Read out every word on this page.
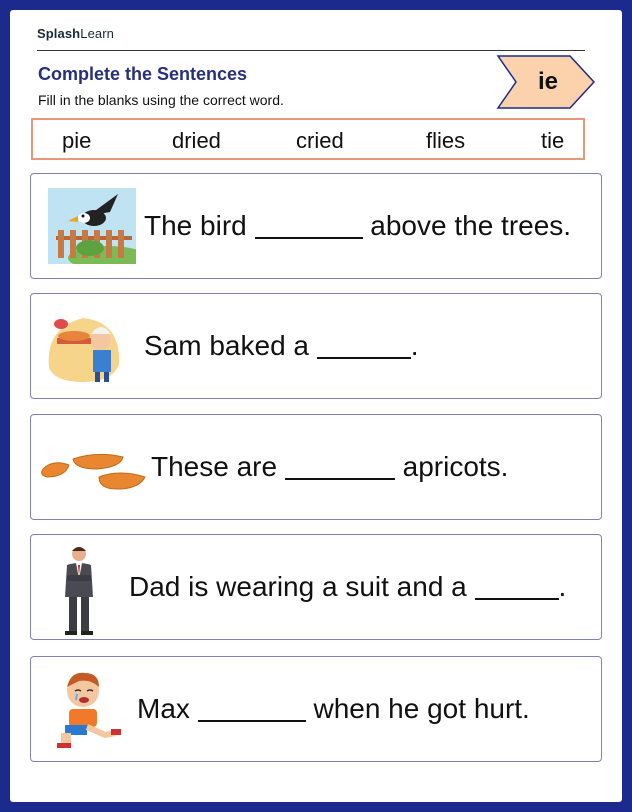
SplashLearn
Complete the Sentences
Fill in the blanks using the correct word.
ie
pie	dried	cried	flies	tie
The bird

	above the trees.
Sam baked a
	.
These are

	apricots.
Dad is wearing a suit and a
	.
Max

	when he got hurt.
